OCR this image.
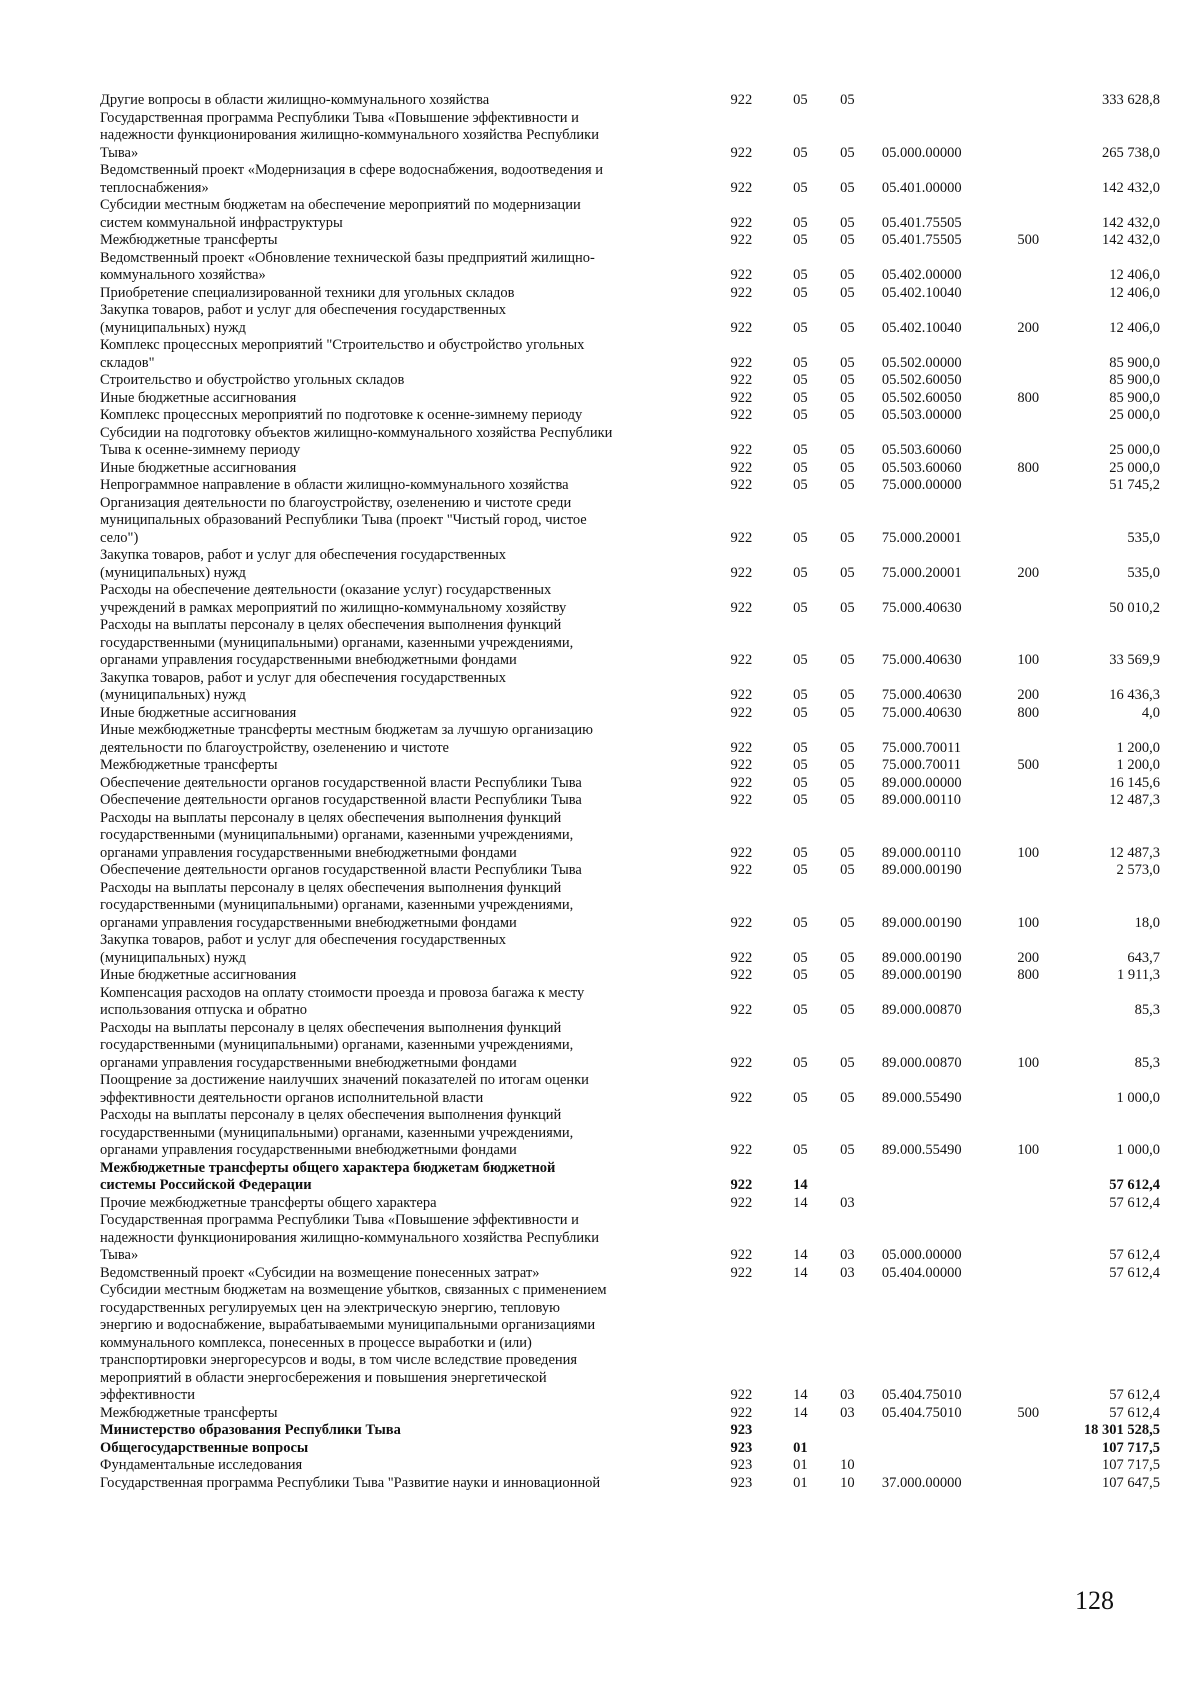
Другие вопросы в области жилищно-коммунального хозяйства	922	05	05	333 628,8
Государственная программа Республики Тыва «Повышение эффективности и
надежности функционирования жилищно-коммунального хозяйства Республики
Тыва»	922	05	05	05.000.00000	265 738,0
Ведомственный проект «Модернизация в сфере водоснабжения, водоотведения и
теплоснабжения»	922	05	05	05.401.00000	142 432,0
Субсидии местным бюджетам на обеспечение мероприятий по модернизации
систем коммунальной инфраструктуры	922	05	05	05.401.75505	142 432,0
Межбюджетные трансферты	922	05	05	05.401.75505	500	142 432,0
Ведомственный проект «Обновление технической базы предприятий жилищно-
коммунального хозяйства»	922	05	05	05.402.00000	12 406,0
Приобретение специализированной техники для угольных складов	922	05	05	05.402.10040	12 406,0
Закупка товаров, работ и услуг для обеспечения государственных
(муниципальных) нужд	922	05	05	05.402.10040	200	12 406,0
Комплекс процессных мероприятий "Строительство и обустройство угольных
складов"	922	05	05	05.502.00000	85 900,0
Строительство и обустройство угольных складов	922	05	05	05.502.60050	85 900,0
Иные бюджетные ассигнования	922	05	05	05.502.60050	800	85 900,0
Комплекс процессных мероприятий по подготовке к осенне-зимнему периоду	922	05	05	05.503.00000	25 000,0
Субсидии на подготовку объектов жилищно-коммунального хозяйства Республики
Тыва к осенне-зимнему периоду	922	05	05	05.503.60060	25 000,0
Иные бюджетные ассигнования	922	05	05	05.503.60060	800	25 000,0
Непрограммное направление в области жилищно-коммунального хозяйства	922	05	05	75.000.00000	51 745,2
Организация деятельности по благоустройству, озеленению и чистоте среди
муниципальных образований Республики Тыва (проект "Чистый город, чистое
село")	922	05	05	75.000.20001	535,0
Закупка товаров, работ и услуг для обеспечения государственных
(муниципальных) нужд	922	05	05	75.000.20001	200	535,0
Расходы на обеспечение деятельности (оказание услуг) государственных
учреждений в рамках мероприятий по жилищно-коммунальному хозяйству	922	05	05	75.000.40630	50 010,2
Расходы на выплаты персоналу в целях обеспечения выполнения функций
государственными (муниципальными) органами, казенными учреждениями,
органами управления государственными внебюджетными фондами	922	05	05	75.000.40630	100	33 569,9
Закупка товаров, работ и услуг для обеспечения государственных
(муниципальных) нужд	922	05	05	75.000.40630	200	16 436,3
Иные бюджетные ассигнования	922	05	05	75.000.40630	800	4,0
Иные межбюджетные трансферты местным бюджетам за лучшую организацию
деятельности по благоустройству, озеленению и чистоте	922	05	05	75.000.70011	1 200,0
Межбюджетные трансферты	922	05	05	75.000.70011	500	1 200,0
Обеспечение деятельности органов государственной власти Республики Тыва	922	05	05	89.000.00000	16 145,6
Обеспечение деятельности органов государственной власти Республики Тыва	922	05	05	89.000.00110	12 487,3
Расходы на выплаты персоналу в целях обеспечения выполнения функций
государственными (муниципальными) органами, казенными учреждениями,
органами управления государственными внебюджетными фондами	922	05	05	89.000.00110	100	12 487,3
Обеспечение деятельности органов государственной власти Республики Тыва	922	05	05	89.000.00190	2 573,0
Расходы на выплаты персоналу в целях обеспечения выполнения функций
государственными (муниципальными) органами, казенными учреждениями,
органами управления государственными внебюджетными фондами	922	05	05	89.000.00190	100	18,0
Закупка товаров, работ и услуг для обеспечения государственных
(муниципальных) нужд	922	05	05	89.000.00190	200	643,7
Иные бюджетные ассигнования	922	05	05	89.000.00190	800	1 911,3
Компенсация расходов на оплату стоимости проезда и провоза багажа к месту
использования отпуска и обратно	922	05	05	89.000.00870	85,3
Расходы на выплаты персоналу в целях обеспечения выполнения функций
государственными (муниципальными) органами, казенными учреждениями,
органами управления государственными внебюджетными фондами	922	05	05	89.000.00870	100	85,3
Поощрение за достижение наилучших значений показателей по итогам оценки
эффективности деятельности органов исполнительной власти	922	05	05	89.000.55490	1 000,0
Расходы на выплаты персоналу в целях обеспечения выполнения функций
государственными (муниципальными) органами, казенными учреждениями,
органами управления государственными внебюджетными фондами	922	05	05	89.000.55490	100	1 000,0
Межбюджетные трансферты общего характера бюджетам бюджетной
системы Российской Федерации	922	14	57 612,4
Прочие межбюджетные трансферты общего характера	922	14	03	57 612,4
Государственная программа Республики Тыва «Повышение эффективности и
надежности функционирования жилищно-коммунального хозяйства Республики
Тыва»	922	14	03	05.000.00000	57 612,4
Ведомственный проект «Субсидии на возмещение понесенных затрат»	922	14	03	05.404.00000	57 612,4
Субсидии местным бюджетам на возмещение убытков, связанных с применением
государственных регулируемых цен на электрическую энергию, тепловую
энергию и водоснабжение, вырабатываемыми муниципальными организациями
коммунального комплекса, понесенных в процессе выработки и (или)
транспортировки энергоресурсов и воды, в том числе вследствие проведения
мероприятий в области энергосбережения и повышения энергетической
эффективности	922	14	03	05.404.75010	57 612,4
Межбюджетные трансферты	922	14	03	05.404.75010	500	57 612,4
Министерство образования Республики Тыва	923	18 301 528,5
Общегосударственные вопросы	923	01	107 717,5
Фундаментальные исследования	923	01	10	107 717,5
Государственная программа Республики Тыва "Развитие науки и инновационной	923	01	10	37.000.00000	107 647,5
128
